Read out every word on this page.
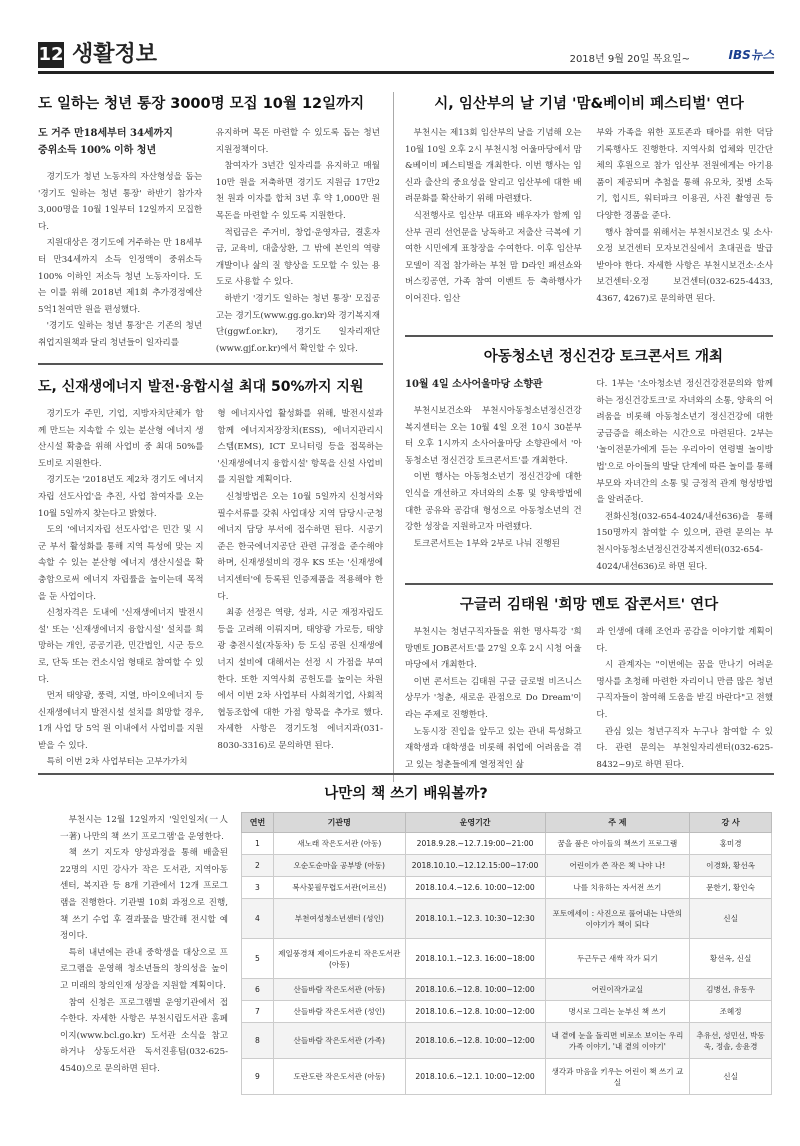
12 생활정보	2018년 9월 20일 목요일~	IBS뉴스
도 일하는 청년 통장 3000명 모집 10월 12일까지
도 거주 만18세부터 34세까지
중위소득 100% 이하 청년

경기도가 청년 노동자의 자산형성을 돕는 '경기도 일하는 청년 통장' 하반기 참가자 3,000명을 10월 1일부터 12일까지 모집한다.

지원대상은 경기도에 거주하는 만 18세부터 만34세까지 소득 인정액이 중위소득 100% 이하인 저소득 청년 노동자이다. 도는 이를 위해 2018년 제1회 추가경정예산 5억1천여만 원을 편성했다.

'경기도 일하는 청년 통장'은 기존의 청년 취업지원책과 달리 청년들이 일자리를

유지하며 목돈 마련할 수 있도록 돕는 청년 지원정책이다.

참여자가 3년간 일자리를 유지하고 매월 10만 원을 저축하면 경기도 지원금 17만2천 원과 이자를 합쳐 3년 후 약 1,000만 원 목돈을 마련할 수 있도록 지원한다.

적립금은 주거비, 창업·운영자금, 결혼자금, 교육비, 대출상환, 그 밖에 본인의 역량개발이나 삶의 질 향상을 도모할 수 있는 용도로 사용할 수 있다.

하반기 '경기도 일하는 청년 통장' 모집공고는 경기도(www.gg.go.kr)와 경기복지재단(ggwf.or.kr), 경기도 일자리재단(www.gjf.or.kr)에서 확인할 수 있다.

시, 임산부의 날 기념 '맘&베이비 페스티벌' 연다

부천시는 제13회 임산부의 날을 기념해 오는 10월 10일 오후 2시 부천시청 어울마당에서 맘&베이비 페스티벌을 개최한다. 이번 행사는 임신과 출산의 중요성을 알리고 임산부에 대한 배려문화를 확산하기 위해 마련됐다.

식전행사로 임산부 대표와 배우자가 함께 임산부 권리 선언문을 낭독하고 저출산 극복에 기여한 시민에게 표창장을 수여한다. 이후 임산부 모델이 직접 참가하는 부천 맘 D라인 패션쇼와 버스킹공연, 가족 참여 이벤트 등 축하행사가 이어진다. 임산

부와 가족을 위한 포토존과 태아를 위한 덕담 기록행사도 진행한다. 지역사회 업체와 민간단체의 후원으로 참가 임산부 전원에게는 아기용품이 제공되며 추첨을 통해 유모차, 젖병 소독기, 힙시트, 워터파크 이용권, 사진 촬영권 등 다양한 경품을 준다.

행사 참여를 위해서는 부천시보건소 및 소사·오정 보건센터 모자보건실에서 초대권을 발급받아야 한다. 자세한 사항은 부천시보건소·소사 보건센터·오정 보건센터(032-625-4433, 4367, 4267)로 문의하면 된다.

도, 신재생에너지 발전·융합시설 최대 50%까지 지원

경기도가 주민, 기업, 지방자치단체가 함께 만드는 지속할 수 있는 분산형 에너지 생산시설 확충을 위해 사업비 중 최대 50%를 도비로 지원한다.

경기도는 '2018년도 제2차 경기도 에너지자립 선도사업'을 추진, 사업 참여자를 오는 10월 5일까지 찾는다고 밝혔다.

도의 '에너지자립 선도사업'은 민간 및 시군 부서 활성화를 통해 지역 특성에 맞는 지속할 수 있는 분산형 에너지 생산시설을 확충함으로써 에너지 자립률을 높이는데 목적을 둔 사업이다.

신청자격은 도내에 '신재생에너지 발전시설' 또는 '신재생에너지 융합시설' 설치를 희망하는 개인, 공공기관, 민간법인, 시군 등으로, 단독 또는 컨소시엄 형태로 참여할 수 있다.

먼저 태양광, 풍력, 지열, 바이오에너지 등 신재생에너지 발전시설 설치를 희망할 경우, 1개 사업 당 5억 원 이내에서 사업비를 지원받을 수 있다.

특히 이번 2차 사업부터는 고부가가치

형 에너지사업 활성화를 위해, 발전시설과 함께 에너지저장장치(ESS), 에너지관리시스템(EMS), ICT 모니터링 등을 접목하는 '신재생에너지 융합시설' 항목을 신설 사업비를 지원할 계획이다.

신청방법은 오는 10월 5일까지 신청서와 필수서류를 갖춰 사업대상 지역 담당시·군청 에너지 담당 부서에 접수하면 된다. 시공기준은 한국에너지공단 관련 규정을 준수해야 하며, 신재생설비의 경우 KS 또는 '신재생에너지센터'에 등록된 인증제품을 적용해야 한다.

최종 선정은 역량, 성과, 시군 재정자립도 등을 고려해 이뤄지며, 태양광 가로등, 태양광 충전시설(자동차) 등 도심 공원 신재생에너지 설비에 대해서는 선정 시 가점을 부여한다. 또한 지역사회 공헌도를 높이는 차원에서 이번 2차 사업부터 사회적기업, 사회적 협동조합에 대한 가점 항목을 추가로 했다. 자세한 사항은 경기도청 에너지과(031-8030-3316)로 문의하면 된다.

아동청소년 정신건강 토크콘서트 개최
10월 4일 소사어울마당 소향관

부천시보건소와 부천시아동청소년정신건강복지센터는 오는 10월 4일 오전 10시 30분부터 오후 1시까지 소사어울마당 소향관에서 '아동청소년 정신건강 토크콘서트'를 개최한다.

이번 행사는 아동청소년기 정신건강에 대한 인식을 개선하고 자녀와의 소통 및 양육방법에 대한 공유와 공감대 형성으로 아동청소년의 건강한 성장을 지원하고자 마련됐다.

토크콘서트는 1부와 2부로 나눠 진행된

다. 1부는 '소아청소년 정신건강전문의와 함께하는 정신건강토크'로 자녀와의 소통, 양육의 어려움을 비롯해 아동청소년기 정신건강에 대한 궁금증을 해소하는 시간으로 마련된다. 2부는 '놀이전문가에게 듣는 우리아이 연령별 놀이방법'으로 아이들의 발달 단계에 따른 놀이를 통해 부모와 자녀간의 소통 및 긍정적 관계 형성방법을 알려준다.

전화신청(032-654-4024/내선636)을 통해 150명까지 참여할 수 있으며, 관련 문의는 부천시아동청소년정신건강복지센터(032-654-4024/내선636)로 하면 된다.

구글러 김태원 '희망 멘토 잡콘서트' 연다

부천시는 청년구직자들을 위한 명사특강 '희망멘토 JOB콘서트'를 27일 오후 2시 시청 어울마당에서 개최한다.

이번 콘서트는 김태원 구글 글로벌 비즈니스 상무가 '청춘, 새로운 관점으로 Do Dream'이라는 주제로 진행한다.

노동시장 진입을 앞두고 있는 관내 특성화고 재학생과 대학생을 비롯해 취업에 어려움을 겪고 있는 청춘들에게 열정적인 삶

과 인생에 대해 조언과 공감을 이야기할 계획이다.

시 관계자는 "이번에는 꿈을 만나기 어려운 명사를 초청해 마련한 자리이니 만큼 많은 청년구직자들이 참여해 도움을 받길 바란다"고 전했다.

관심 있는 청년구직자 누구나 참여할 수 있다. 관련 문의는 부천일자리센터(032-625-8432~9)로 하면 된다.

나만의 책 쓰기 배워볼까?

부천시는 12월 12일까지 '일인일저(一人一著) 나만의 책 쓰기 프로그램'을 운영한다.

책 쓰기 지도자 양성과정을 통해 배출된 22명의 시민 강사가 작은 도서관, 지역아동센터, 복지관 등 8개 기관에서 12개 프로그램을 진행한다. 기관별 10회 과정으로 진행, 책 쓰기 수업 후 결과물을 발간해 전시할 예정이다.

특히 내년에는 관내 중학생을 대상으로 프로그램을 운영해 청소년들의 창의성을 높이고 미래의 창의인재 성장을 지원할 계획이다.

참여 신청은 프로그램별 운영기관에서 접수한다. 자세한 사항은 부천시립도서관 홈페이지(www.bcl.go.kr) 도서관 소식을 참고하거나 상동도서관 독서진흥팀(032-625-4540)으로 문의하면 된다.

연번	기관명	운영기간	주 제	강 사
1	새노래 작은도서관 (아동)	2018.9.28.~12.7.19:00~21:00	꿈을 품은 아이들의 책쓰기 프로그램	홍미경
2	오순도순마을 공부방 (아동)	2018.10.10.~12.12.15:00~17:00	어린이가 쓴 작은 책 나야 나!	이경화, 황선옥
3	복사꽃필무렵도서관(어르신)	2018.10.4.~12.6. 10:00~12:00	나를 치유하는 자서전 쓰기	문한기, 황인숙
4	부천여성청소년센터 (성인)	2018.10.1.~12.3. 10:30~12:30	포토에세이 : 사진으로 풀어내는 나만의 이야기가 책이 되다	신실
5	제일풍경채 제이드카운티 작은도서관 (아동)	2018.10.1.~12.3. 16:00~18:00	두근두근 새싹 작가 되기	황선옥, 신실
6	산들바람 작은도서관 (아동)	2018.10.6.~12.8. 10:00~12:00	어린이작가교실	김병선, 유동우
7	산들바람 작은도서관 (성인)	2018.10.6.~12.8. 10:00~12:00	명시로 그리는 눈부신 책 쓰기	조혜정
8	산들바람 작은도서관 (가족)	2018.10.6.~12.8. 10:00~12:00	내 곁에 눈을 돌리면 비로소 보이는 우리 가족 이야기, '내 곁의 이야기'	추유선, 성민선, 박동욱, 정솔, 송윤경
9	도란도란 작은도서관 (아동)	2018.10.6.~12.1. 10:00~12:00	생각과 마음을 키우는 어린이 책 쓰기 교실	신실
